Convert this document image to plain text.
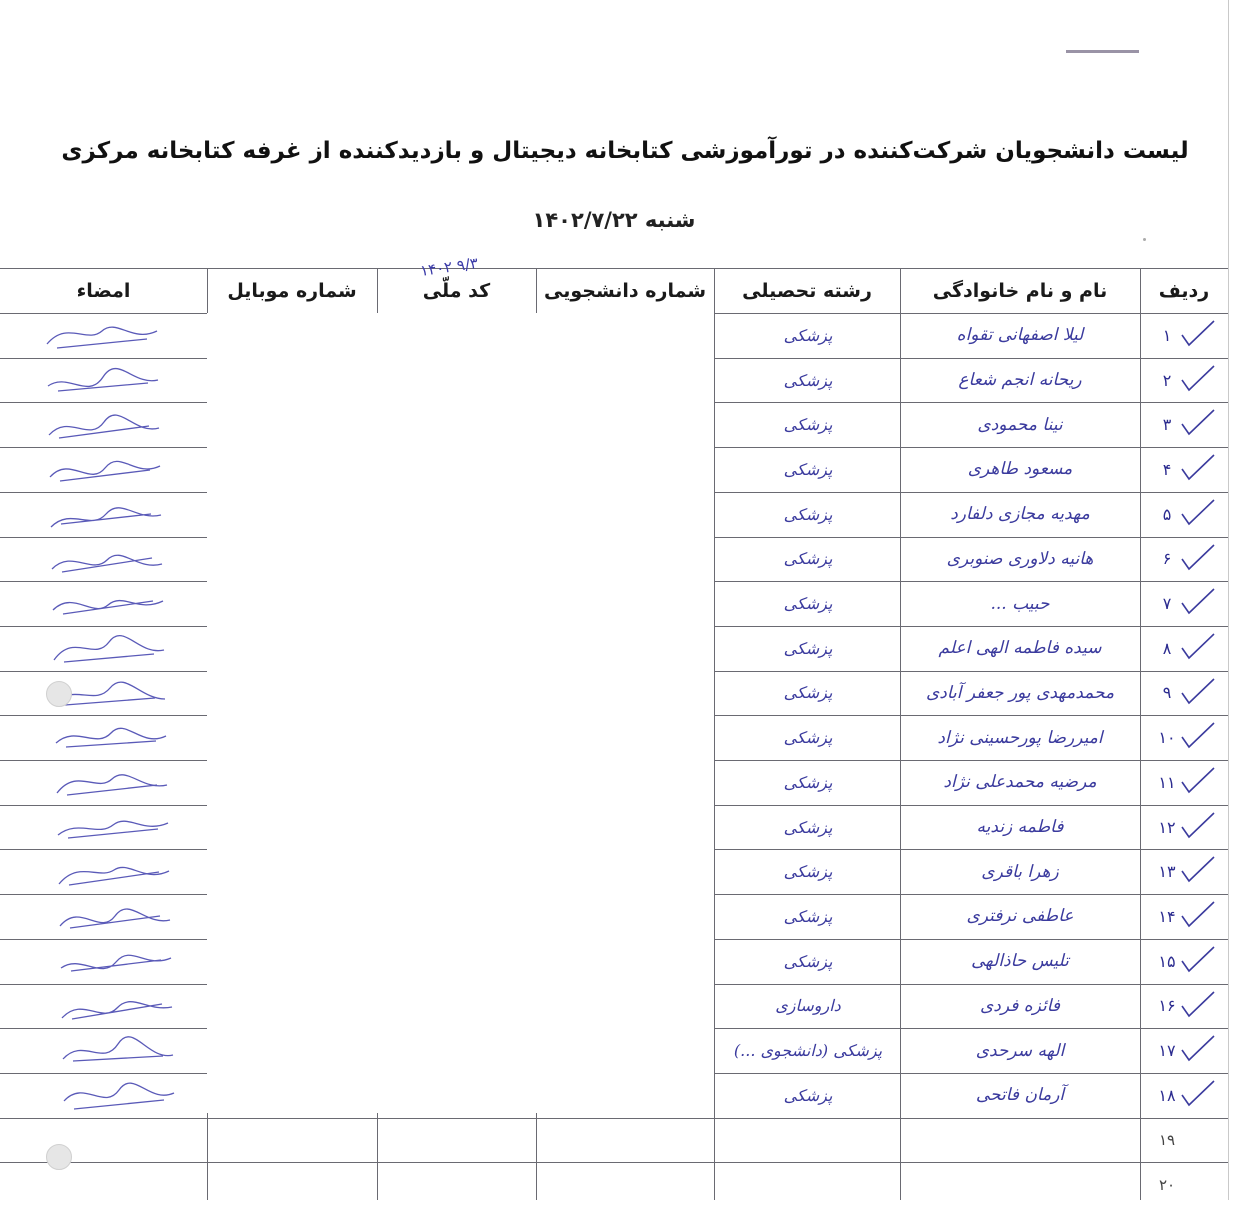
لیست دانشجویان شرکت‌کننده در تورآموزشی کتابخانه دیجیتال و بازدیدکننده از غرفه کتابخانه مرکزی
شنبه ۱۴۰۲/۷/۲۲
ردیف
نام و نام خانوادگی
رشته تحصیلی
شماره دانشجویی
کد ملّی
شماره موبایل
امضاء
۱۴۰۲ ۹/۳
۱
لیلا اصفهانی تقواه
پزشکی
۲
ریحانه انجم شعاع
پزشکی
۳
نینا محمودی
پزشکی
۴
مسعود طاهری
پزشکی
۵
مهدیه مجازی دلفارد
پزشکی
۶
هانیه دلاوری صنوبری
پزشکی
۷
حبیب ...
پزشکی
۸
سیده فاطمه الهی اعلم
پزشکی
۹
محمدمهدی پور جعفر آبادی
پزشکی
۱۰
امیررضا پورحسینی نژاد
پزشکی
۱۱
مرضیه محمدعلی نژاد
پزشکی
۱۲
فاطمه زندیه
پزشکی
۱۳
زهرا باقری
پزشکی
۱۴
عاطفی نرفتری
پزشکی
۱۵
تلیس حاذالهی
پزشکی
۱۶
فائزه فردی
داروسازی
۱۷
الهه سرحدی
پزشکی (دانشجوی ...)
۱۸
آرمان فاتحی
پزشکی
۱۹
۲۰
